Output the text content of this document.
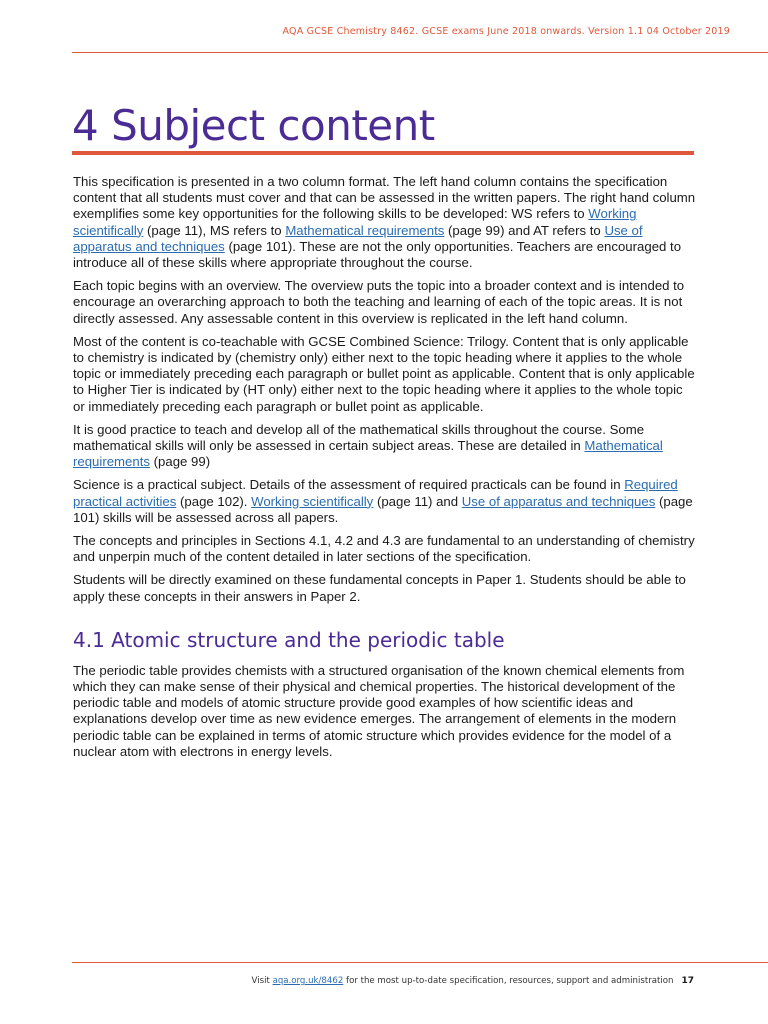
AQA GCSE Chemistry 8462. GCSE exams June 2018 onwards. Version 1.1 04 October 2019
4 Subject content

This specification is presented in a two column format. The left hand column contains the specification content that all students must cover and that can be assessed in the written papers. The right hand column exemplifies some key opportunities for the following skills to be developed: WS refers to Working scientifically (page 11), MS refers to Mathematical requirements (page 99) and AT refers to Use of apparatus and techniques (page 101). These are not the only opportunities. Teachers are encouraged to introduce all of these skills where appropriate throughout the course.

Each topic begins with an overview. The overview puts the topic into a broader context and is intended to encourage an overarching approach to both the teaching and learning of each of the topic areas. It is not directly assessed. Any assessable content in this overview is replicated in the left hand column.

Most of the content is co-teachable with GCSE Combined Science: Trilogy. Content that is only applicable to chemistry is indicated by (chemistry only) either next to the topic heading where it applies to the whole topic or immediately preceding each paragraph or bullet point as applicable. Content that is only applicable to Higher Tier is indicated by (HT only) either next to the topic heading where it applies to the whole topic or immediately preceding each paragraph or bullet point as applicable.

It is good practice to teach and develop all of the mathematical skills throughout the course. Some mathematical skills will only be assessed in certain subject areas. These are detailed in Mathematical requirements (page 99)

Science is a practical subject. Details of the assessment of required practicals can be found in Required practical activities (page 102). Working scientifically (page 11) and Use of apparatus and techniques (page 101) skills will be assessed across all papers.

The concepts and principles in Sections 4.1, 4.2 and 4.3 are fundamental to an understanding of chemistry and unperpin much of the content detailed in later sections of the specification.

Students will be directly examined on these fundamental concepts in Paper 1. Students should be able to apply these concepts in their answers in Paper 2.

4.1 Atomic structure and the periodic table

The periodic table provides chemists with a structured organisation of the known chemical elements from which they can make sense of their physical and chemical properties. The historical development of the periodic table and models of atomic structure provide good examples of how scientific ideas and explanations develop over time as new evidence emerges. The arrangement of elements in the modern periodic table can be explained in terms of atomic structure which provides evidence for the model of a nuclear atom with electrons in energy levels.

Visit aqa.org.uk/8462 for the most up-to-date specification, resources, support and administration 17
